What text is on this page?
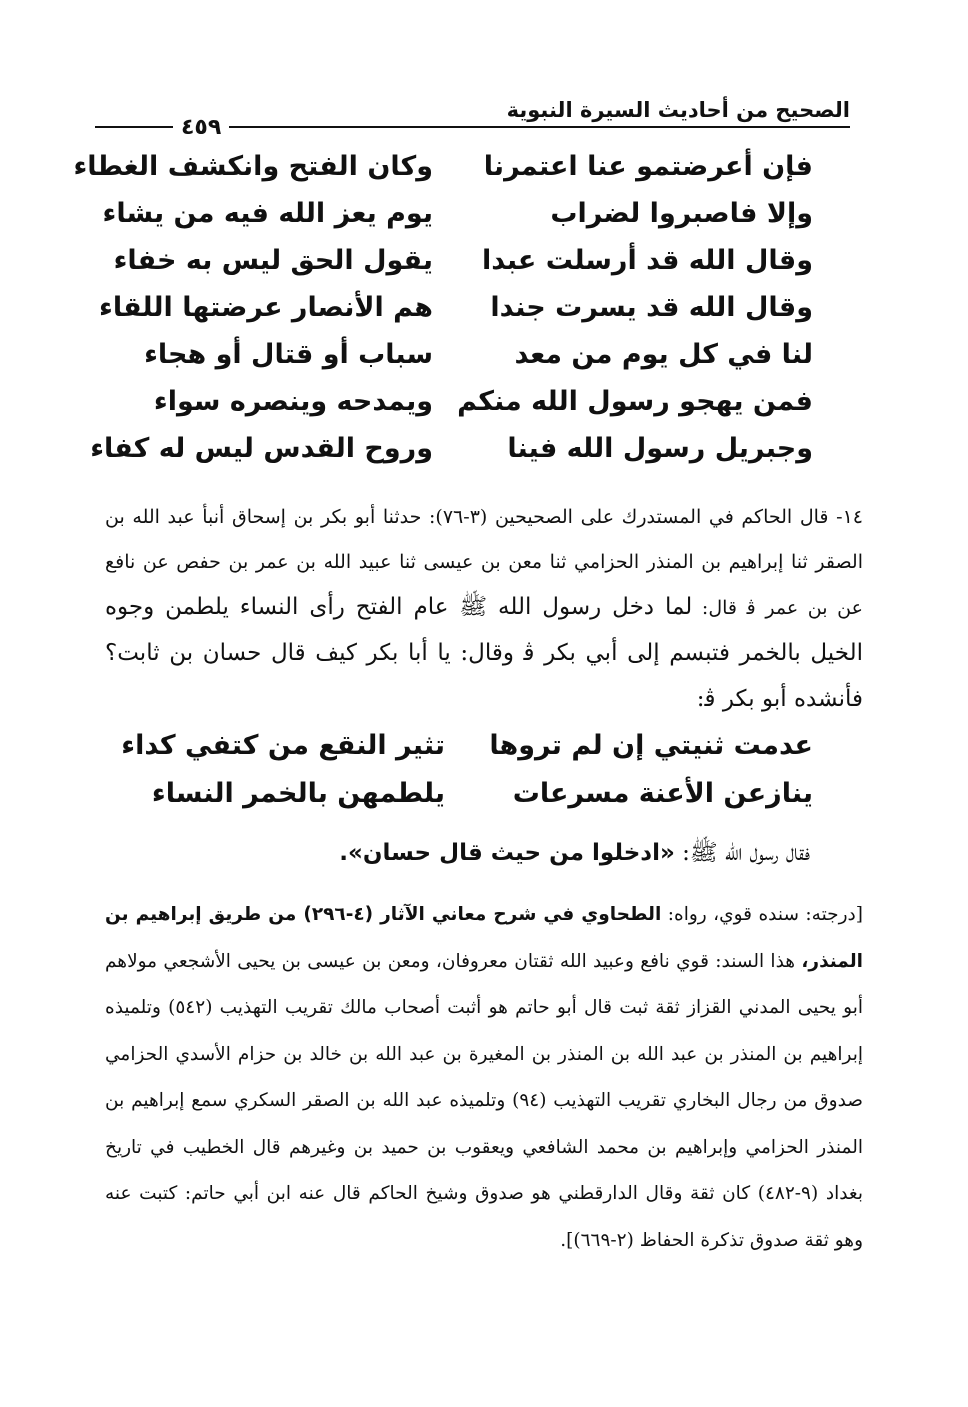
الصحيح من أحاديث السيرة النبوية
٤٥٩
فإن أعرضتمو عنا اعتمرنا
وكان الفتح وانكشف الغطاء
وإلا فاصبروا لضراب
يوم يعز الله فيه من يشاء
وقال الله قد أرسلت عبدا
يقول الحق ليس به خفاء
وقال الله قد يسرت جندا
هم الأنصار عرضتها اللقاء
لنا في كل يوم من معد
سباب أو قتال أو هجاء
فمن يهجو رسول الله منكم
ويمدحه وينصره سواء
وجبريل رسول الله فينا
وروح القدس ليس له كفاء
١٤- قال الحاكم في المستدرك على الصحيحين (٣-٧٦): حدثنا أبو بكر بن إسحاق أنبأ عبد الله بن الصقر ثنا إبراهيم بن المنذر الحزامي ثنا معن بن عيسى ثنا عبيد الله بن عمر بن حفص عن نافع عن بن عمر ﭬ قال: لما دخل رسول الله ﷺ عام الفتح رأى النساء يلطمن وجوه الخيل بالخمر فتبسم إلى أبي بكر ﭬ وقال: يا أبا بكر كيف قال حسان بن ثابت؟ فأنشده أبو بكر ﭬ:
عدمت ثنيتي إن لم تروها
تثير النقع من كتفي كداء
ينازعن الأعنة مسرعات
يلطمهن بالخمر النساء
فقال رسول الله ﷺ: «ادخلوا من حيث قال حسان».
[درجته: سنده قوي، رواه: الطحاوي في شرح معاني الآثار (٤-٢٩٦) من طريق إبراهيم بن المنذر، هذا السند: قوي نافع وعبيد الله ثقتان معروفان، ومعن بن عيسى بن يحيى الأشجعي مولاهم أبو يحيى المدني القزاز ثقة ثبت قال أبو حاتم هو أثبت أصحاب مالك تقريب التهذيب (٥٤٢) وتلميذه إبراهيم بن المنذر بن عبد الله بن المنذر بن المغيرة بن عبد الله بن خالد بن حزام الأسدي الحزامي صدوق من رجال البخاري تقريب التهذيب (٩٤) وتلميذه عبد الله بن الصقر السكري سمع إبراهيم بن المنذر الحزامي وإبراهيم بن محمد الشافعي ويعقوب بن حميد بن وغيرهم قال الخطيب في تاريخ بغداد (٩-٤٨٢) كان ثقة وقال الدارقطني هو صدوق وشيخ الحاكم قال عنه ابن أبي حاتم: كتبت عنه وهو ثقة صدوق تذكرة الحفاظ (٢-٦٦٩)].
